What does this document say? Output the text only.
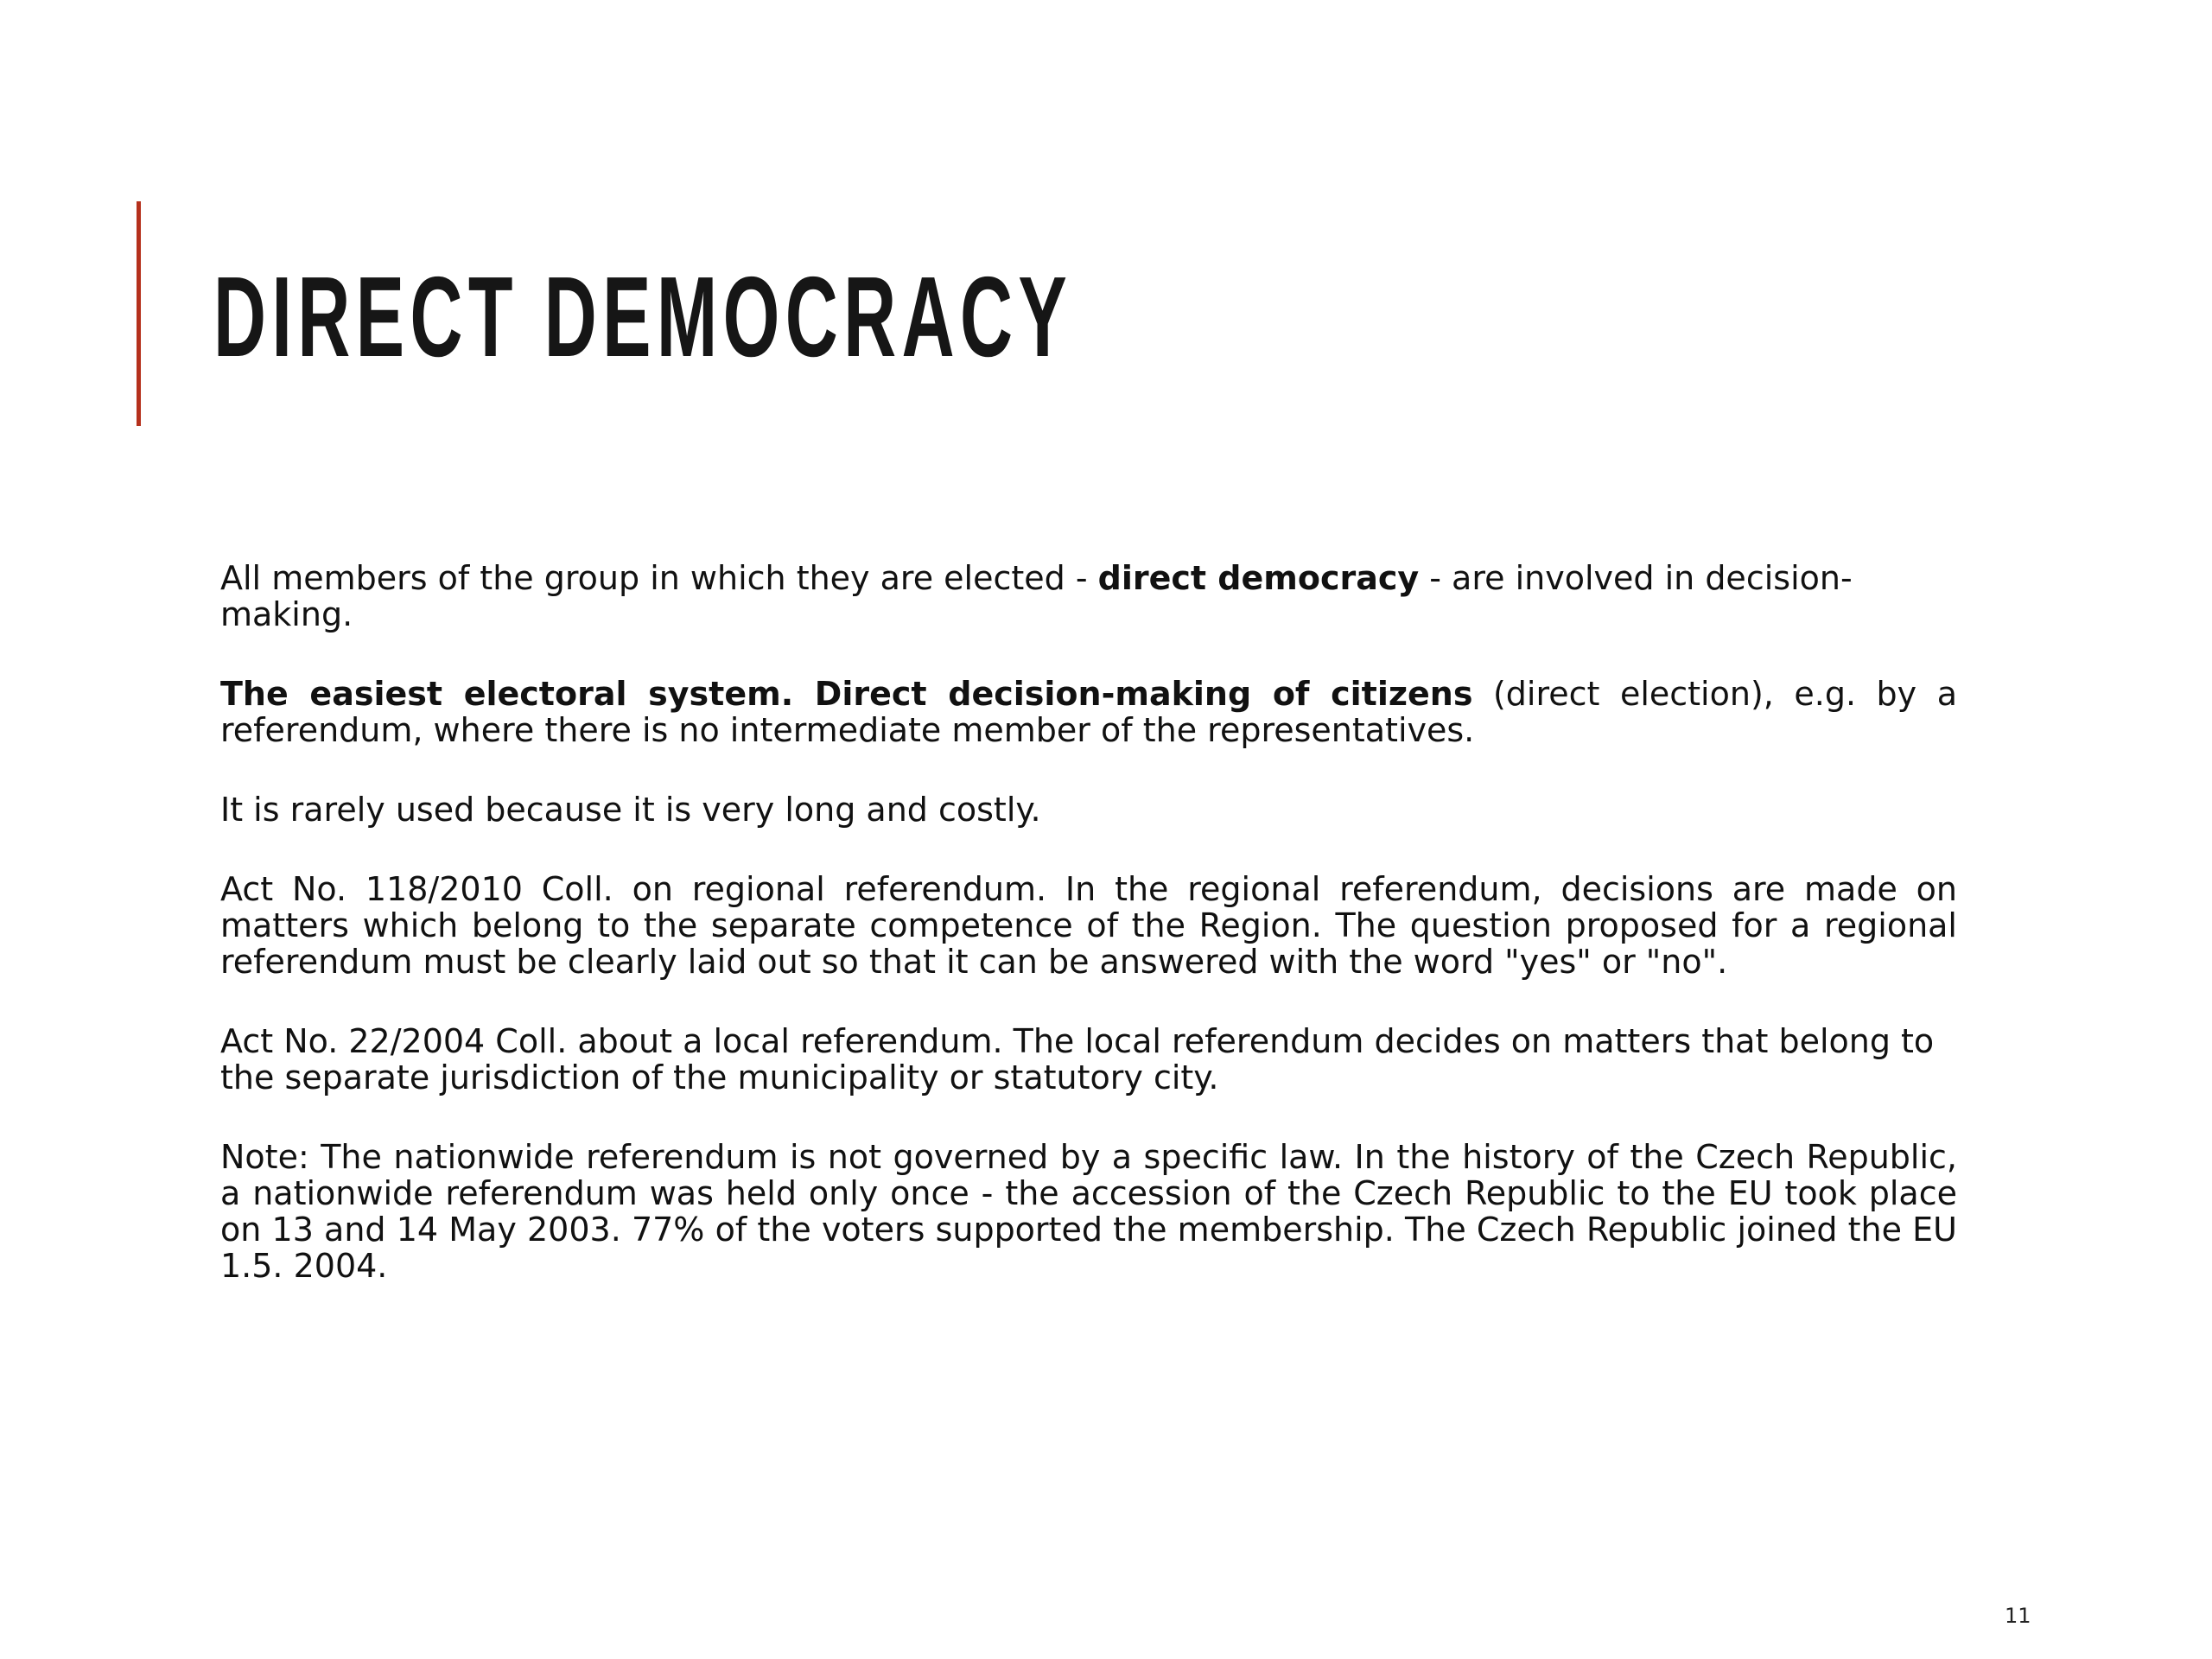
DIRECT DEMOCRACY

All members of the group in which they are elected - direct democracy - are involved in decision-making.

The easiest electoral system. Direct decision-making of citizens (direct election), e.g. by a referendum, where there is no intermediate member of the representatives.

It is rarely used because it is very long and costly.

Act No. 118/2010 Coll. on regional referendum. In the regional referendum, decisions are made on matters which belong to the separate competence of the Region. The question proposed for a regional referendum must be clearly laid out so that it can be answered with the word "yes" or "no".

Act No. 22/2004 Coll. about a local referendum. The local referendum decides on matters that belong to the separate jurisdiction of the municipality or statutory city.

Note: The nationwide referendum is not governed by a specific law. In the history of the Czech Republic, a nationwide referendum was held only once - the accession of the Czech Republic to the EU took place on 13 and 14 May 2003. 77% of the voters supported the membership. The Czech Republic joined the EU 1.5. 2004.

11
